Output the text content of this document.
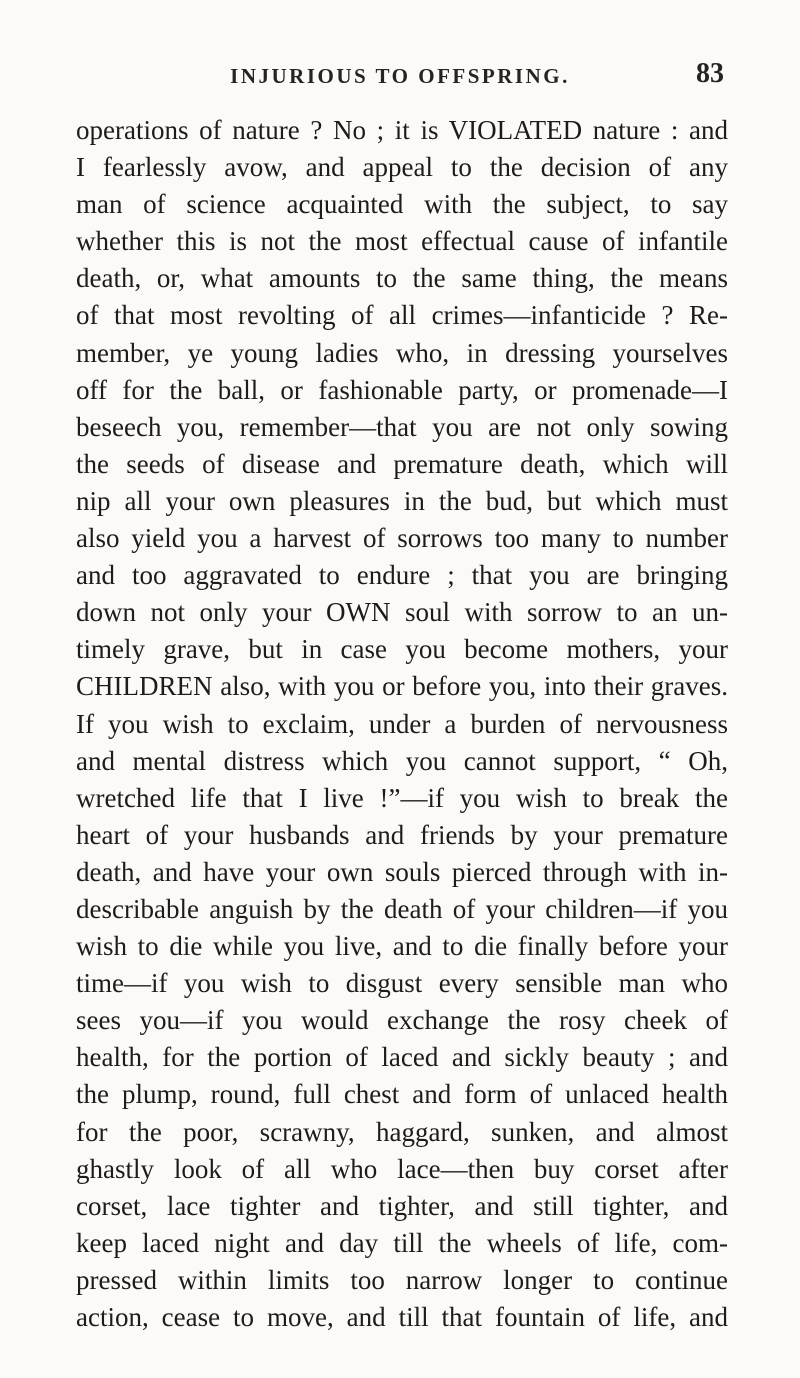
INJURIOUS TO OFFSPRING.	83
operations of nature ? No ; it is VIOLATED nature : and
I fearlessly avow, and appeal to the decision of any
man of science acquainted with the subject, to say
whether this is not the most effectual cause of infantile
death, or, what amounts to the same thing, the means
of that most revolting of all crimes—infanticide ? Re-
member, ye young ladies who, in dressing yourselves
off for the ball, or fashionable party, or promenade—I
beseech you, remember—that you are not only sowing
the seeds of disease and premature death, which will
nip all your own pleasures in the bud, but which must
also yield you a harvest of sorrows too many to number
and too aggravated to endure ; that you are bringing
down not only your OWN soul with sorrow to an un-
timely grave, but in case you become mothers, your
CHILDREN also, with you or before you, into their graves.
If you wish to exclaim, under a burden of nervousness
and mental distress which you cannot support, “ Oh,
wretched life that I live !”—if you wish to break the
heart of your husbands and friends by your premature
death, and have your own souls pierced through with in-
describable anguish by the death of your children—if you
wish to die while you live, and to die finally before your
time—if you wish to disgust every sensible man who
sees you—if you would exchange the rosy cheek of
health, for the portion of laced and sickly beauty ; and
the plump, round, full chest and form of unlaced health
for the poor, scrawny, haggard, sunken, and almost
ghastly look of all who lace—then buy corset after
corset, lace tighter and tighter, and still tighter, and
keep laced night and day till the wheels of life, com-
pressed within limits too narrow longer to continue
action, cease to move, and till that fountain of life, and
